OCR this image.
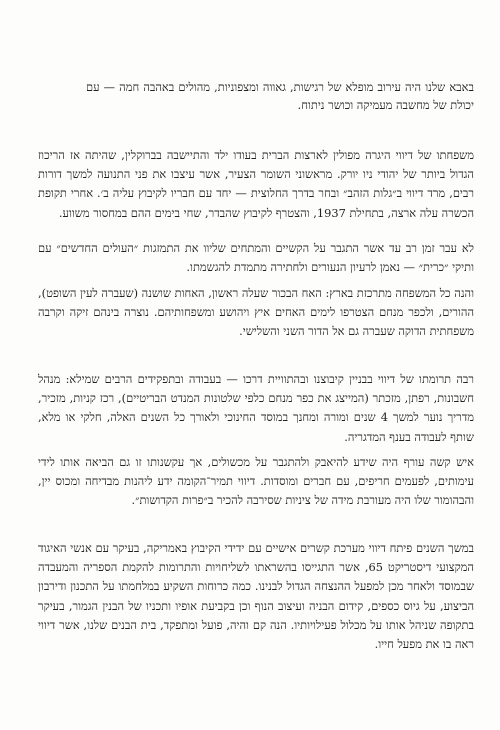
באבא שלנו היה עירוב מופלא של רגישות, גאווה ומצפוניות, מהולים באהבה חמה — עם יכולת של מחשבה מעמיקה וכושר ניתוח.

משפחתו של דיווי היגרה מפולין לארצות הברית בעודו ילד והתיישבה בברוקלין, שהיתה אז הריכוז הגדול ביותר של יהודי ניו יורק. מראשוני השומר הצעיר, אשר עיצבו את פני התנועה למשך דורות רבים, מרד דיווי ב״גלות הזהב״ ובחר בדרך החלוצית — יחד עם חבריו לקיבוץ עליה ב׳. אחרי תקופת הכשרה עלה ארצה, בתחילת 1937, והצטרף לקיבוץ שהבדר, שחי בימים ההם במחסור משווע.

לא עבר זמן רב עד אשר התגבר על הקשיים והמתחים שליוו את התמזגות ״העולים החדשים״ עם ותיקי ״כרית״ — נאמן לרעיון הנעורים ולחתירה מתמדת להגשמתו.

והנה כל המשפחה מתרכזת בארץ: האח הבכור שעלה ראשון, האחות שושנה (שעברה לעין השופט), ההורים, ולכפר מנחם הצטרפו לימים האחים איץ ויהושע ומשפחותיהם. נוצרה בינהם זיקה וקרבה משפחתית הדוקה שעברה גם אל הדור השני והשלישי.

רבה תרומתו של דיווי בבניין קיבוצנו ובהתוויית דרכו — בעבודה ובתפקידים הרבים שמילא: מנהל חשבונות, רפתן, מזכתר (המייצג את כפר מנחם כלפי שלטונות המנדט הבריטיים), רכז קניות, מזכיר, מדריך נוער למשך 4 שנים ומורה ומחנך במוסד החינוכי ולאורך כל השנים האלה, חלקי או מלא, שותף לעבודה בענף המדגריה.

איש קשה עורף היה שידע להיאבק ולהתגבר על מכשולים, אך עקשנותו זו גם הביאה אותו לידי עימותים, לפעמים חריפים, עם חברים ומוסדות. דיווי תמיר־הקומה ידע ליהנות מבדיחה ומכוס יין, והבהומור שלו היה מעורבת מידה של ציניות שסירבה להכיר ב״פרות הקדושות״.

במשך השנים פיתח דיווי מערכת קשרים אישיים עם ידידי הקיבוץ באמריקה, בעיקר עם אנשי האיגוד המקצועי דיסטריקט 65, אשר התגייסו בהשראתו לשליחויות והתרומות להקמת הספריה והמעבדה שבמוסד ולאחר מכן למפעל ההנצחה הגדול לבנינו. כמה כרוחות השקיע במלחמתו על התכנון ודירבון הביצוע, על גיוס כספים, קידום הבניה ועיצוב הנוף וכן בקביעת אופיו ותכניו של הבנין הגמור, בעיקר בתקופה שניהל אותו על מכלול פעילויותיו. הנה קם והיה, פועל ומתפקד, בית הבנים שלנו, אשר דיווי ראה בו את מפעל חייו.
